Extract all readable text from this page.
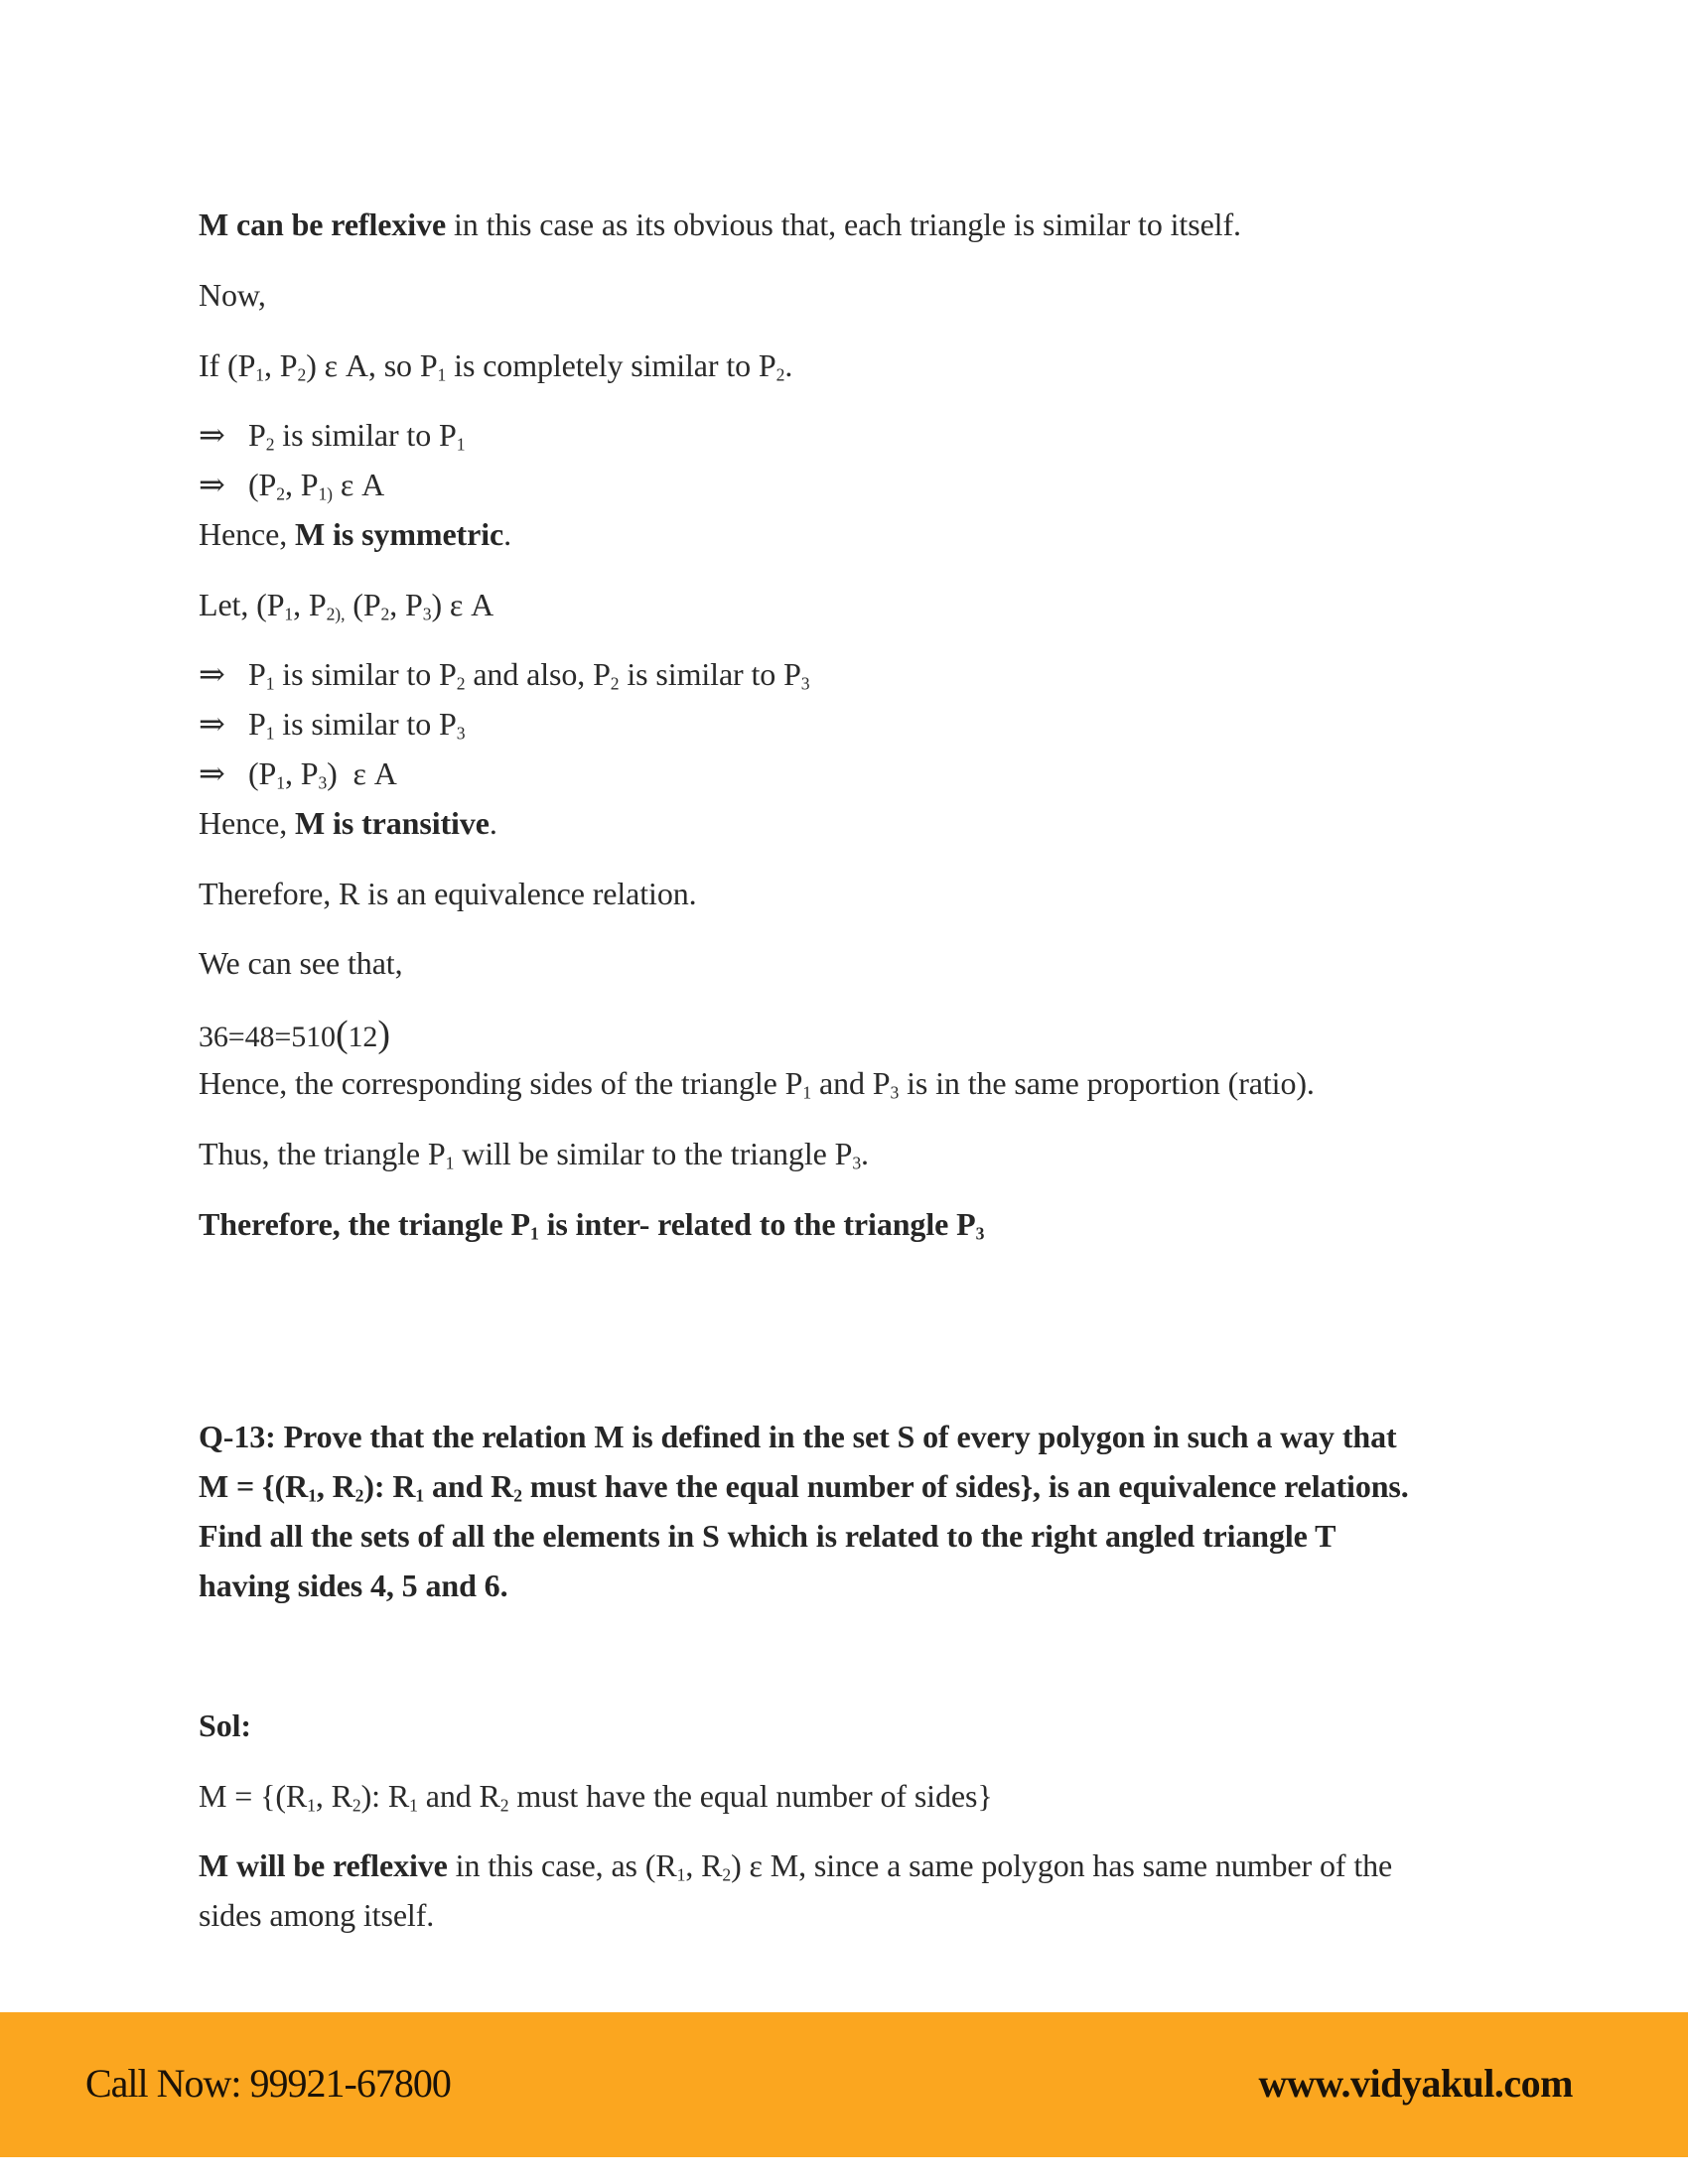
M can be reflexive in this case as its obvious that, each triangle is similar to itself.
Now,
If ($P_1$, $P_2$) ε A, so $P_1$ is completely similar to $P_2$.
⇒ $P_2$ is similar to $P_1$
⇒ ($P_2$, $P_{1)}$ ε A
Hence, M is symmetric.
Let, ($P_1$, $P_{2),}$ ($P_2$, $P_3$) ε A
⇒ $P_1$ is similar to $P_2$ and also, $P_2$ is similar to $P_3$
⇒ $P_1$ is similar to $P_3$
⇒ ($P_1$, $P_3$)  ε A
Hence, M is transitive.
Therefore, R is an equivalence relation.
We can see that,
36=48=510(12)
Hence, the corresponding sides of the triangle $P_1$ and $P_3$ is in the same proportion (ratio).
Thus, the triangle $P_1$ will be similar to the triangle $P_3$.
Therefore, the triangle $P_1$ is inter- related to the triangle $P_3$
Q-13: Prove that the relation M is defined in the set S of every polygon in such a way that
$M = \{(R_1$, $R_2$): $R_1$ and $R_2$ must have the equal number of sides}, is an equivalence relations.
Find all the sets of all the elements in S which is related to the right angled triangle T
having sides 4, 5 and 6.
Sol:
$M = \{(R_1$, $R_2$): $R_1$ and $R_2$ must have the equal number of sides}
M will be reflexive in this case, as ($R_1$, $R_2$) ε M, since a same polygon has same number of the
sides among itself.
Call Now: 99921-67800	www.vidyakul.com
